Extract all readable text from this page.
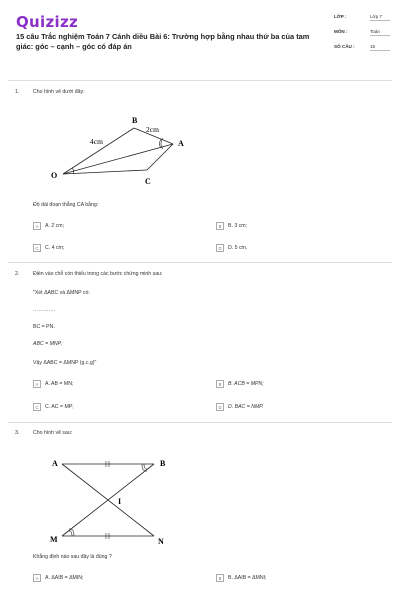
Quizizz
15 câu Trắc nghiệm Toán 7 Cánh diều Bài 6: Trường hợp bằng nhau thứ ba của tam giác: góc – cạnh – góc có đáp án
LỚP :	Lớp 7
MÔN :	Toán
SỐ CÂU :	15
1.	Cho hình vẽ dưới đây:
B
A
O
C
4cm
2cm
Độ dài đoạn thẳng CA bằng:
A	A. 2 cm;	B	B. 3 cm;
C	C. 4 cm;	D	D. 5 cm.
2.	Điền vào chỗ còn thiếu trong các bước chứng minh sau:
"Xét ΔABC và ΔMNP có:
………….
BC = PN.
ABC = MNP;
Vậy ΔABC = ΔMNP (g.c.g)"
A	A. AB = MN;	B	B. ACB = MPN;
C	C. AC = MP;	D	D. BAC = NMP.
3.	Cho hình vẽ sau:
A	B
I
M	N
Khẳng định nào sau đây là đúng ?
A	A. ΔAIB = ΔMIN;	B	B. ΔAIB = ΔMNI;
